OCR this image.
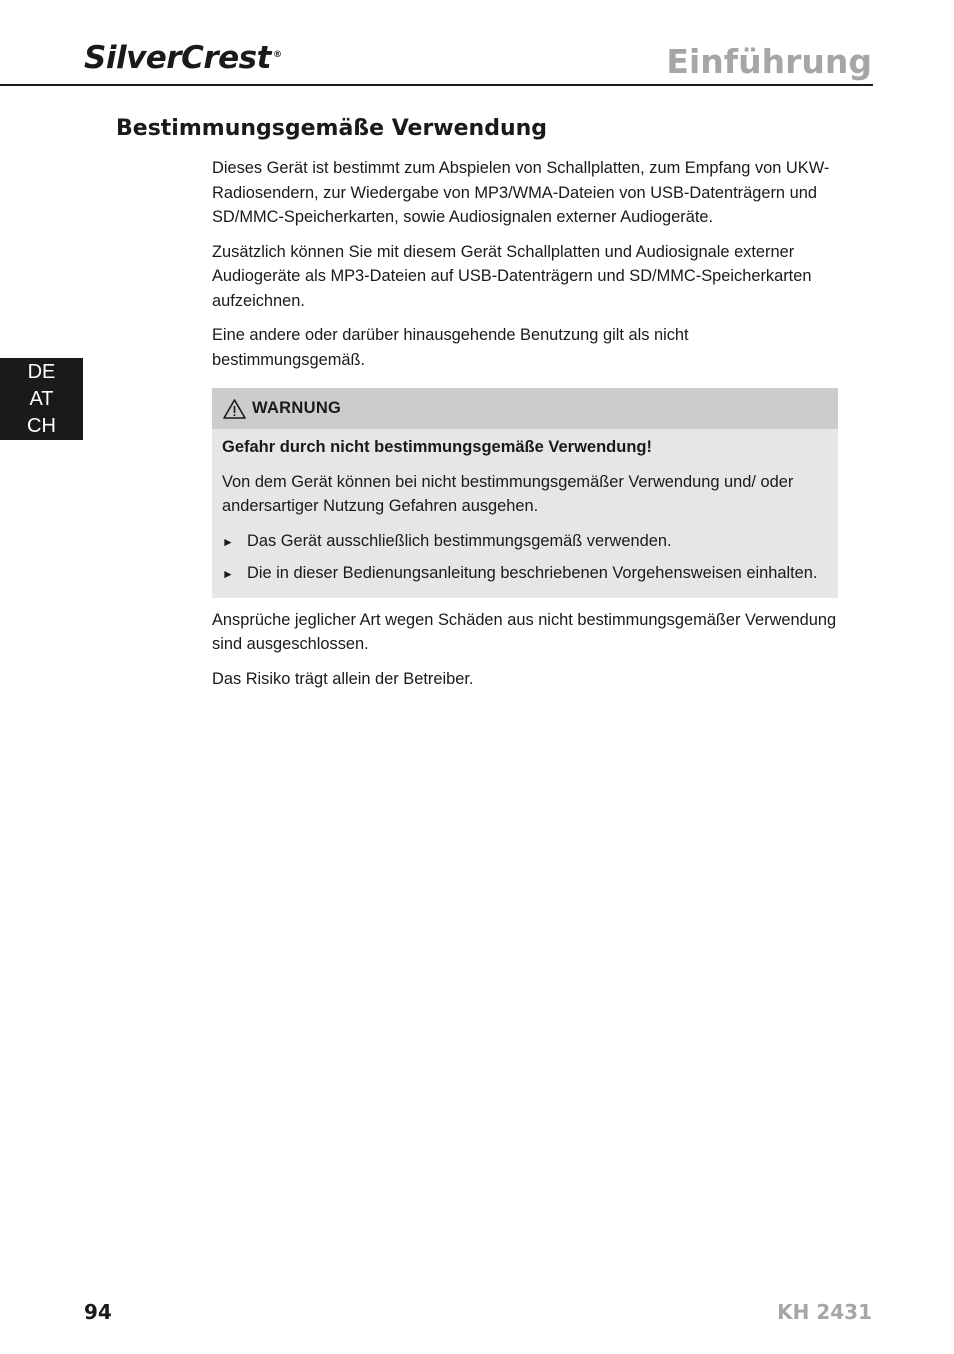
SilverCrest ®	Einführung
Bestimmungsgemäße Verwendung
DE
AT
CH

Dieses Gerät ist bestimmt zum Abspielen von Schallplatten, zum Empfang von UKW-Radiosendern, zur Wiedergabe von MP3/WMA-Dateien von USB-Datenträgern und SD/MMC-Speicherkarten, sowie Audiosignalen externer Audiogeräte.

Zusätzlich können Sie mit diesem Gerät Schallplatten und Audiosignale externer Audiogeräte als MP3-Dateien auf USB-Datenträgern und SD/MMC-Speicherkarten aufzeichnen.

Eine andere oder darüber hinausgehende Benutzung gilt als nicht bestimmungsgemäß.

WARNUNG

Gefahr durch nicht bestimmungsgemäße Verwendung!

Von dem Gerät können bei nicht bestimmungsgemäßer Verwendung und/ oder andersartiger Nutzung Gefahren ausgehen.

► Das Gerät ausschließlich bestimmungsgemäß verwenden.
► Die in dieser Bedienungsanleitung beschriebenen Vorgehensweisen einhalten.

Ansprüche jeglicher Art wegen Schäden aus nicht bestimmungsgemäßer Verwendung sind ausgeschlossen.

Das Risiko trägt allein der Betreiber.

94	KH 2431
